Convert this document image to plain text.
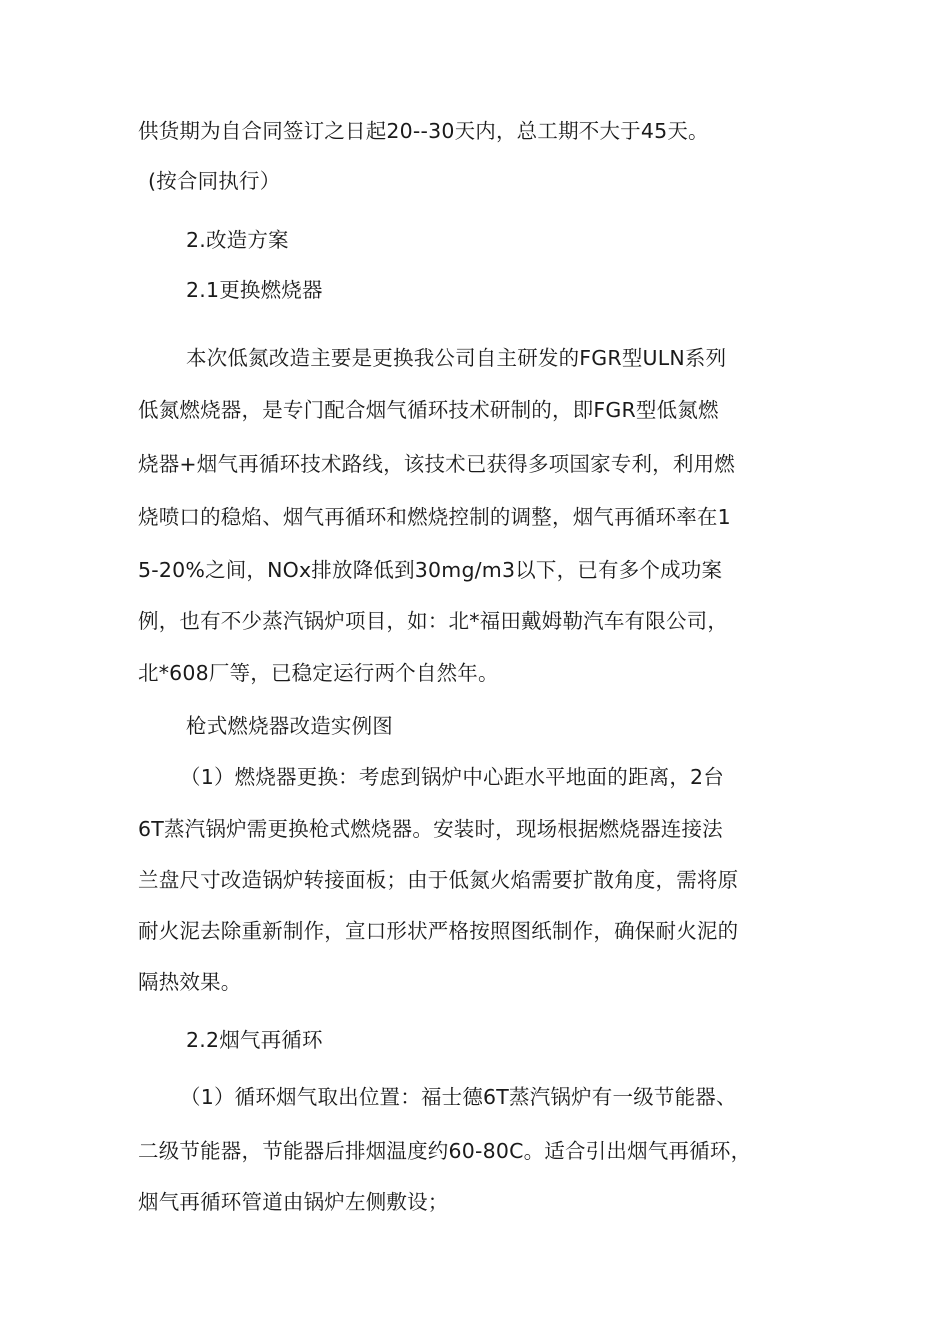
供货期为自合同签订之日起20--30天内，总工期不大于45天。
(按合同执行）
2.改造方案
2.1更换燃烧器
本次低氮改造主要是更换我公司自主研发的FGR型ULN系列
低氮燃烧器，是专门配合烟气循环技术研制的，即FGR型低氮燃
烧器+烟气再循环技术路线，该技术已获得多项国家专利，利用燃
烧喷口的稳焰、烟气再循环和燃烧控制的调整，烟气再循环率在1
5-20%之间，NOx排放降低到30mg/m3以下，已有多个成功案
例，也有不少蒸汽锅炉项目，如：北*福田戴姆勒汽车有限公司，
北*608厂等，已稳定运行两个自然年。
枪式燃烧器改造实例图
（1）燃烧器更换：考虑到锅炉中心距水平地面的距离，2台
6T蒸汽锅炉需更换枪式燃烧器。安装时，现场根据燃烧器连接法
兰盘尺寸改造锅炉转接面板；由于低氮火焰需要扩散角度，需将原
耐火泥去除重新制作，宣口形状严格按照图纸制作，确保耐火泥的
隔热效果。
2.2烟气再循环
（1）循环烟气取出位置：福士德6T蒸汽锅炉有一级节能器、
二级节能器，节能器后排烟温度约60-80C。适合引出烟气再循环，
烟气再循环管道由锅炉左侧敷设；
